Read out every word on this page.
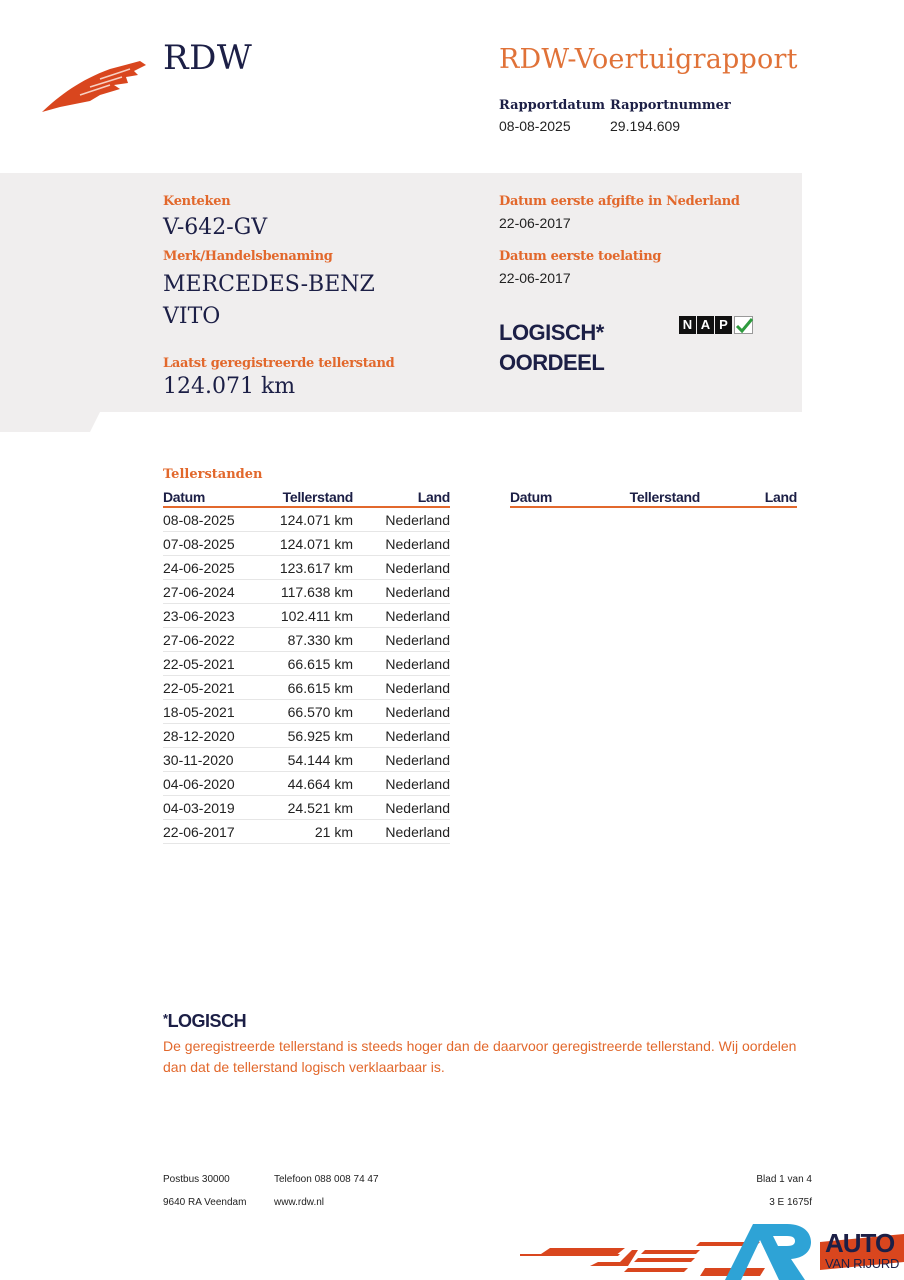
RDW	RDW-Voertuigrapport
Rapportdatum
08-08-2025
Rapportnummer
29.194.609
Kenteken
V-642-GV
Merk/Handelsbenaming
MERCEDES-BENZ
VITO
Laatst geregistreerde tellerstand
124.071 km
Datum eerste afgifte in Nederland
22-06-2017
Datum eerste toelating
22-06-2017
LOGISCH*
OORDEEL
N A P
Tellerstanden
Datum	Tellerstand	Land
08-08-2025	124.071 km	Nederland
07-08-2025	124.071 km	Nederland
24-06-2025	123.617 km	Nederland
27-06-2024	117.638 km	Nederland
23-06-2023	102.411 km	Nederland
27-06-2022	87.330 km	Nederland
22-05-2021	66.615 km	Nederland
22-05-2021	66.615 km	Nederland
18-05-2021	66.570 km	Nederland
28-12-2020	56.925 km	Nederland
30-11-2020	54.144 km	Nederland
04-06-2020	44.664 km	Nederland
04-03-2019	24.521 km	Nederland
22-06-2017	21 km	Nederland
Datum	Tellerstand	Land
*LOGISCH
De geregistreerde tellerstand is steeds hoger dan de daarvoor geregistreerde tellerstand. Wij oordelen dan dat de tellerstand logisch verklaarbaar is.
Postbus 30000
9640 RA Veendam
Telefoon 088 008 74 47
www.rdw.nl
Blad 1 van 4
3 E 1675f
AUTO
VAN RIJURD
